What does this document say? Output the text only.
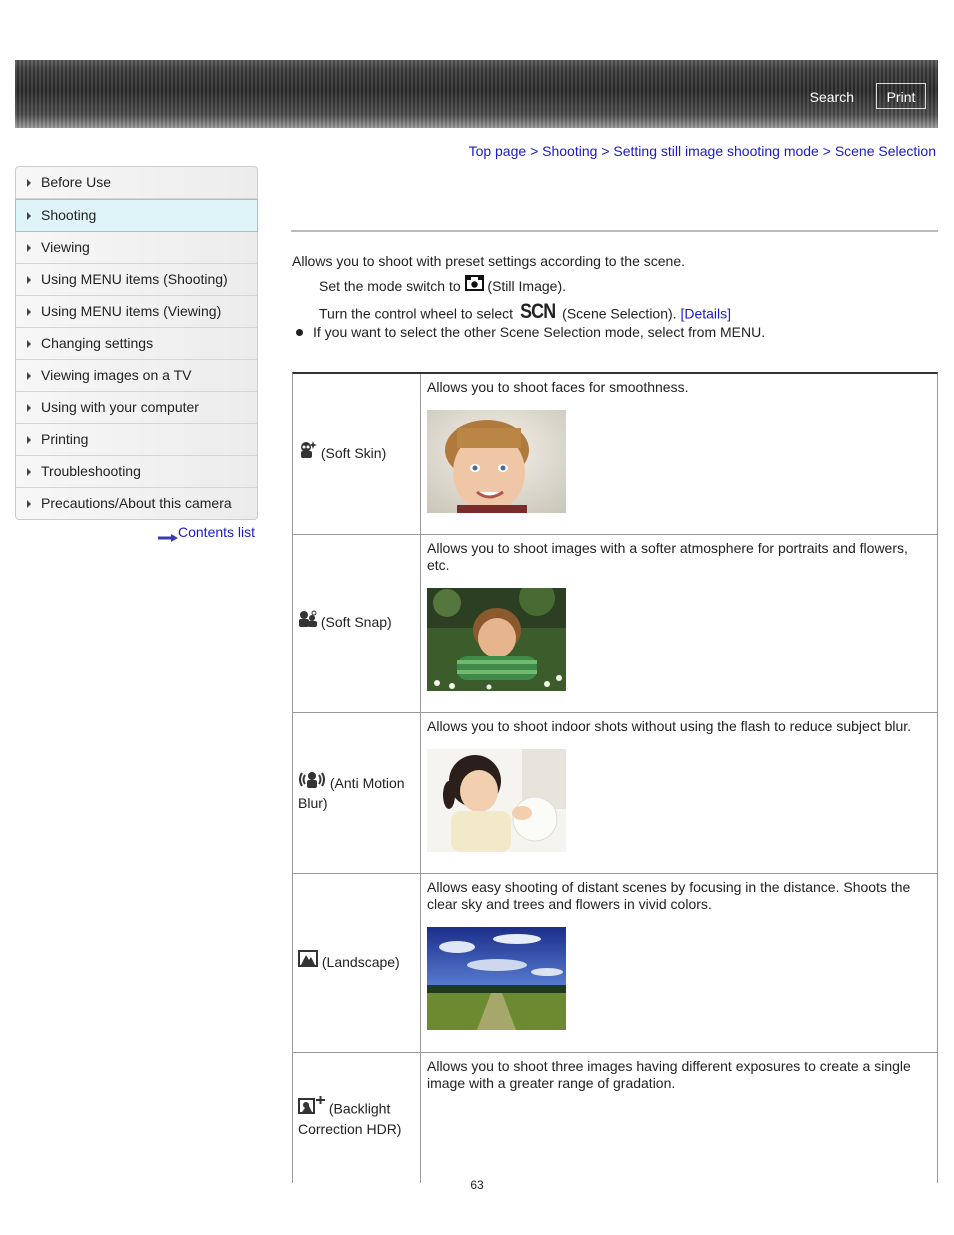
Search	Print
Top page > Shooting > Setting still image shooting mode > Scene Selection
Before Use
Shooting
Viewing
Using MENU items (Shooting)
Using MENU items (Viewing)
Changing settings
Viewing images on a TV
Using with your computer
Printing
Troubleshooting
Precautions/About this camera
Contents list
Allows you to shoot with preset settings according to the scene.
Set the mode switch to (Still Image).
Turn the control wheel to select SCN (Scene Selection). [Details]
If you want to select the other Scene Selection mode, select from MENU.
(Soft Skin)
Allows you to shoot faces for smoothness.
(Soft Snap)
Allows you to shoot images with a softer atmosphere for portraits and flowers, etc.
(Anti Motion Blur)
Allows you to shoot indoor shots without using the flash to reduce subject blur.
(Landscape)
Allows easy shooting of distant scenes by focusing in the distance. Shoots the clear sky and trees and flowers in vivid colors.
(Backlight Correction HDR)
Allows you to shoot three images having different exposures to create a single image with a greater range of gradation.
63
